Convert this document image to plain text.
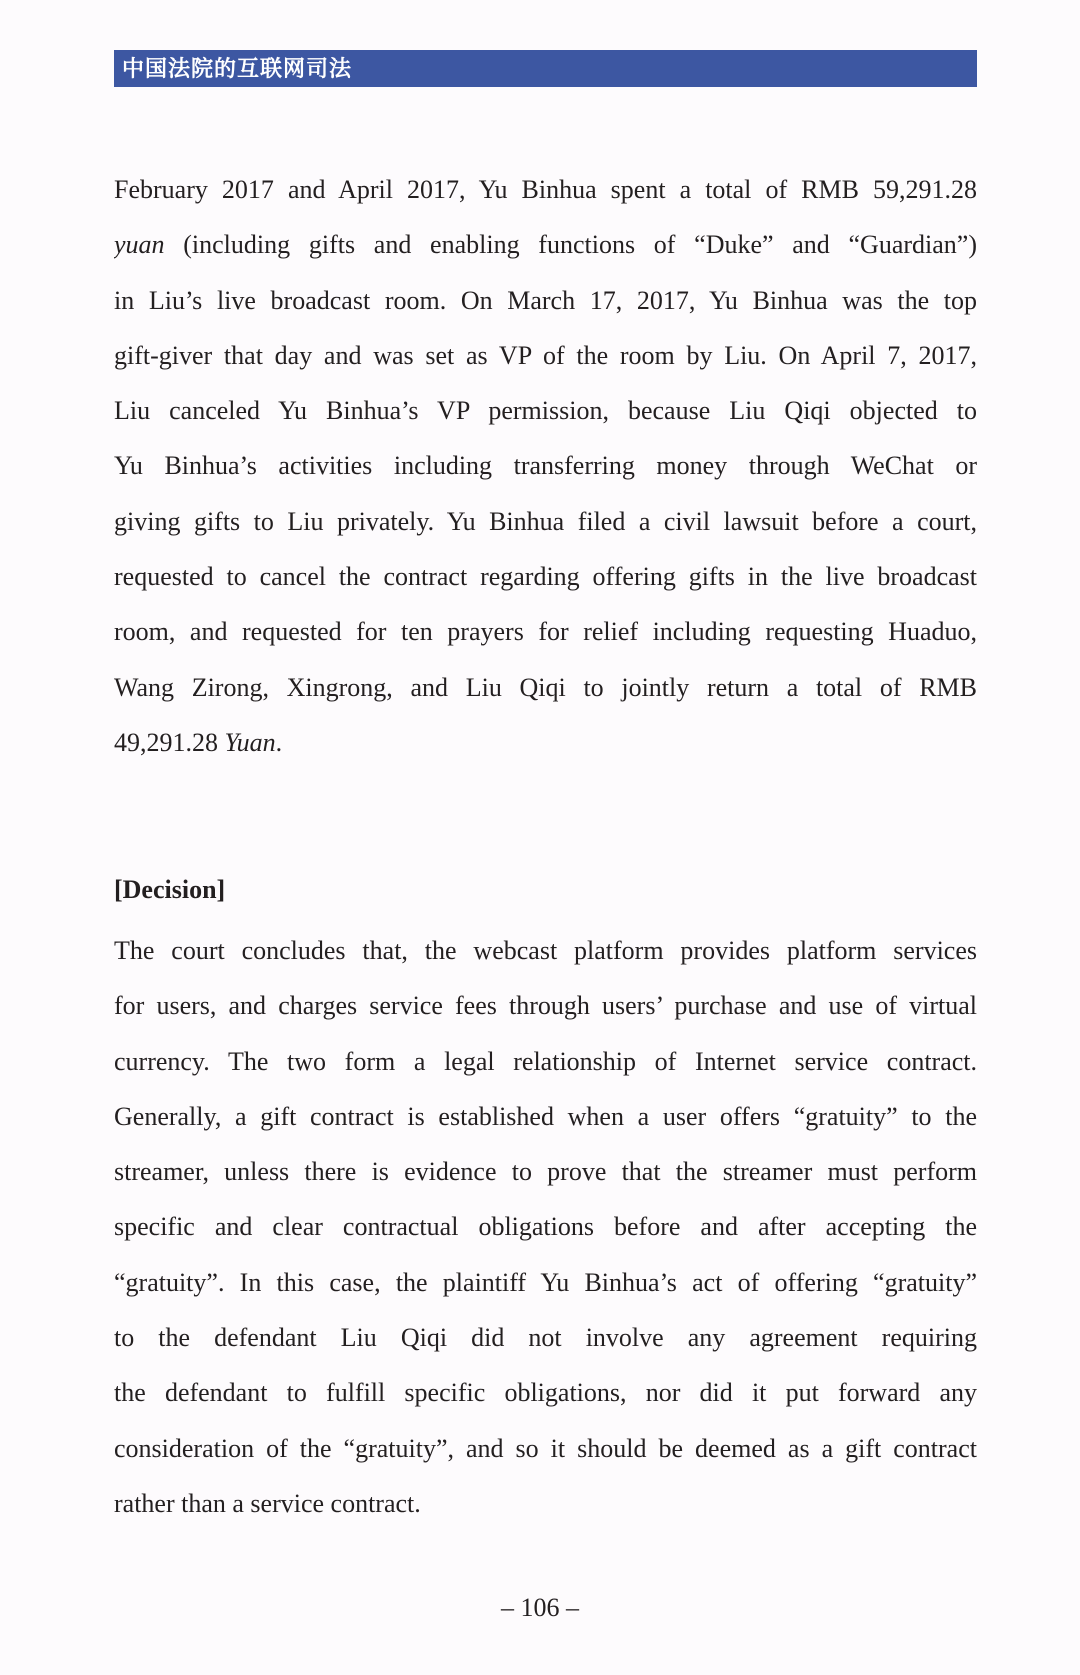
中国法院的互联网司法
February 2017 and April 2017, Yu Binhua spent a total of RMB 59,291.28
yuan (including gifts and enabling functions of “Duke” and “Guardian”)
in Liu’s live broadcast room. On March 17, 2017, Yu Binhua was the top
gift-giver that day and was set as VP of the room by Liu. On April 7, 2017,
Liu canceled Yu Binhua’s VP permission, because Liu Qiqi objected to
Yu Binhua’s activities including transferring money through WeChat or
giving gifts to Liu privately. Yu Binhua filed a civil lawsuit before a court,
requested to cancel the contract regarding offering gifts in the live broadcast
room, and requested for ten prayers for relief including requesting Huaduo,
Wang Zirong, Xingrong, and Liu Qiqi to jointly return a total of RMB
49,291.28 Yuan.
[Decision]
The court concludes that, the webcast platform provides platform services
for users, and charges service fees through users’ purchase and use of virtual
currency. The two form a legal relationship of Internet service contract.
Generally, a gift contract is established when a user offers “gratuity” to the
streamer, unless there is evidence to prove that the streamer must perform
specific and clear contractual obligations before and after accepting the
“gratuity”. In this case, the plaintiff Yu Binhua’s act of offering “gratuity”
to the defendant Liu Qiqi did not involve any agreement requiring
the defendant to fulfill specific obligations, nor did it put forward any
consideration of the “gratuity”, and so it should be deemed as a gift contract
rather than a service contract.
– 106 –
